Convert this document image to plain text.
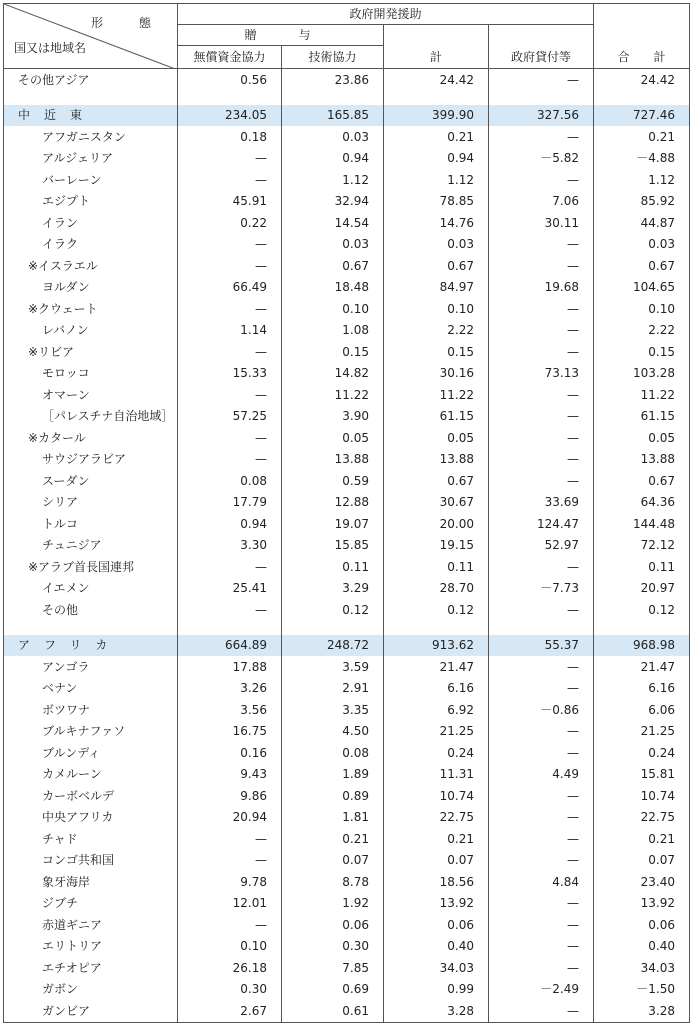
形　態
国又は地域名	政府開発援助				合　　計
	贈　　与		計	政府貸付等	
	無償資金協力	技術協力			
その他アジア	0.56	23.86	24.42	—	24.42

中近東	234.05	165.85	399.90	327.56	727.46
アフガニスタン	0.18	0.03	0.21	—	0.21
アルジェリア	—	0.94	0.94	－5.82	－4.88
バーレーン	—	1.12	1.12	—	1.12
エジプト	45.91	32.94	78.85	7.06	85.92
イラン	0.22	14.54	14.76	30.11	44.87
イラク	—	0.03	0.03	—	0.03
※イスラエル	—	0.67	0.67	—	0.67
ヨルダン	66.49	18.48	84.97	19.68	104.65
※クウェート	—	0.10	0.10	—	0.10
レバノン	1.14	1.08	2.22	—	2.22
※リビア	—	0.15	0.15	—	0.15
モロッコ	15.33	14.82	30.16	73.13	103.28
オマーン	—	11.22	11.22	—	11.22
［パレスチナ自治地域］	57.25	3.90	61.15	—	61.15
※カタール	—	0.05	0.05	—	0.05
サウジアラビア	—	13.88	13.88	—	13.88
スーダン	0.08	0.59	0.67	—	0.67
シリア	17.79	12.88	30.67	33.69	64.36
トルコ	0.94	19.07	20.00	124.47	144.48
チュニジア	3.30	15.85	19.15	52.97	72.12
※アラブ首長国連邦	—	0.11	0.11	—	0.11
イエメン	25.41	3.29	28.70	－7.73	20.97
その他	—	0.12	0.12	—	0.12

アフリカ	664.89	248.72	913.62	55.37	968.98
アンゴラ	17.88	3.59	21.47	—	21.47
ベナン	3.26	2.91	6.16	—	6.16
ボツワナ	3.56	3.35	6.92	－0.86	6.06
ブルキナファソ	16.75	4.50	21.25	—	21.25
ブルンディ	0.16	0.08	0.24	—	0.24
カメルーン	9.43	1.89	11.31	4.49	15.81
カーボベルデ	9.86	0.89	10.74	—	10.74
中央アフリカ	20.94	1.81	22.75	—	22.75
チャド	—	0.21	0.21	—	0.21
コンゴ共和国	—	0.07	0.07	—	0.07
象牙海岸	9.78	8.78	18.56	4.84	23.40
ジブチ	12.01	1.92	13.92	—	13.92
赤道ギニア	—	0.06	0.06	—	0.06
エリトリア	0.10	0.30	0.40	—	0.40
エチオピア	26.18	7.85	34.03	—	34.03
ガボン	0.30	0.69	0.99	－2.49	－1.50
ガンビア	2.67	0.61	3.28	—	3.28
